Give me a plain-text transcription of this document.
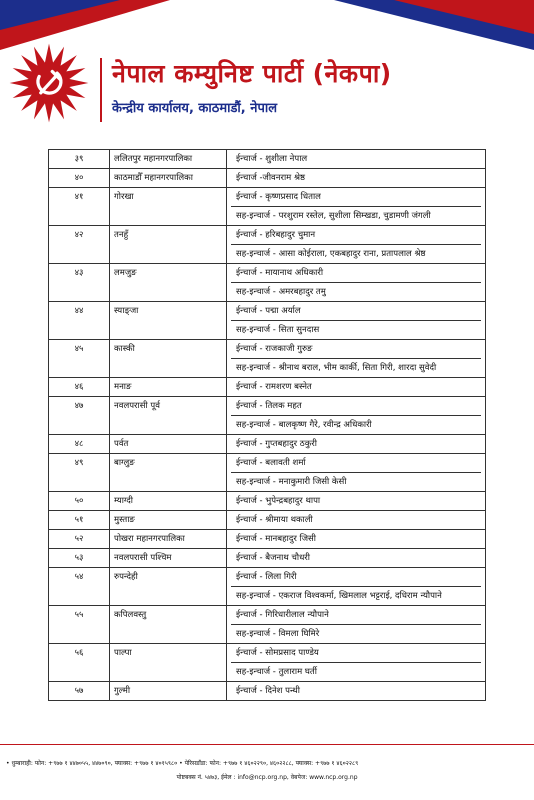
नेपाल कम्युनिष्ट पार्टी (नेकपा)
केन्द्रीय कार्यालय, काठमाडौं, नेपाल
३९	ललितपुर महानगरपालिका	ईन्चार्ज - शुशीला नेपाल

४०	काठमाडौँ महानगरपालिका	ईन्चार्ज -जीवनराम श्रेष्ठ

४१	गोरखा	ईन्चार्ज - कृष्णप्रसाद धिताल
सह-इन्चार्ज - परशुराम रस्तेल, सुशीला सिम्खडा, चुडामणी जंगली

४२	तनहुँ	ईन्चार्ज - हरिबहादुर चुमान
सह-इन्चार्ज - आसा कोईराला, एकबहादुर राना, प्रतापलाल श्रेष्ठ

४३	लमजुङ	ईन्चार्ज - मायानाथ अधिकारी
सह-इन्चार्ज - अमरबहादुर तमु

४४	स्याङ्जा	ईन्चार्ज - पद्मा अर्याल
सह-इन्चार्ज - सिता सुनदास

४५	कास्की	ईन्चार्ज - राजकाजी गुरुङ
सह-इन्चार्ज - श्रीनाथ बराल, भीम कार्की, सिता गिरी, शारदा सुवेदी

४६	मनाङ	ईन्चार्ज - रामशरण बस्नेत

४७	नवलपरासी पूर्व	ईन्चार्ज - तिलक महत
सह-इन्चार्ज - बालकृष्ण गैरे, रवीन्द्र अधिकारी

४८	पर्वत	ईन्चार्ज - गुप्तबहादुर ठकुरी

४९	बाग्लुङ	ईन्चार्ज - बलावती शर्मा
सह-इन्चार्ज - मनाकुमारी जिसी केसी

५०	म्याग्दी	ईन्चार्ज - भुपेन्द्रबहादुर थापा

५१	मुस्ताङ	ईन्चार्ज - श्रीमाया थकाली

५२	पोखरा महानगरपालिका	ईन्चार्ज - मानबहादुर जिसी

५३	नवलपरासी पश्चिम	ईन्चार्ज - बैजनाथ चौधरी

५४	रुपन्देही	ईन्चार्ज - लिला गिरी
सह-इन्चार्ज - एकराज विश्वकर्मा, खिमलाल भट्टराई, दधिराम न्यौपाने

५५	कपिलवस्तु	ईन्चार्ज - गिरिधारीलाल न्यौपाने
सह-इन्चार्ज - विमला घिमिरे

५६	पाल्पा	ईन्चार्ज - सोमप्रसाद पाण्डेय
सह-इन्चार्ज - तुलाराम घर्ती

५७	गुल्मी	ईन्चार्ज - दिनेश पन्थी
• धुम्बाराही: फोन: +९७७ १ ४४७०५५, ४४७०९०, फ्याक्स: +९७७ १ ४०१५९८० • पेरिसडाँडा: फोन: +९७७ १ ४६०२२९०, ४६०२२८८, फ्याक्स: +९७७ १ ४६०२२८९
पोष्टबक्स नं. ५४७३, ईमेल : info@ncp.org.np, वेबपेज: www.ncp.org.np
